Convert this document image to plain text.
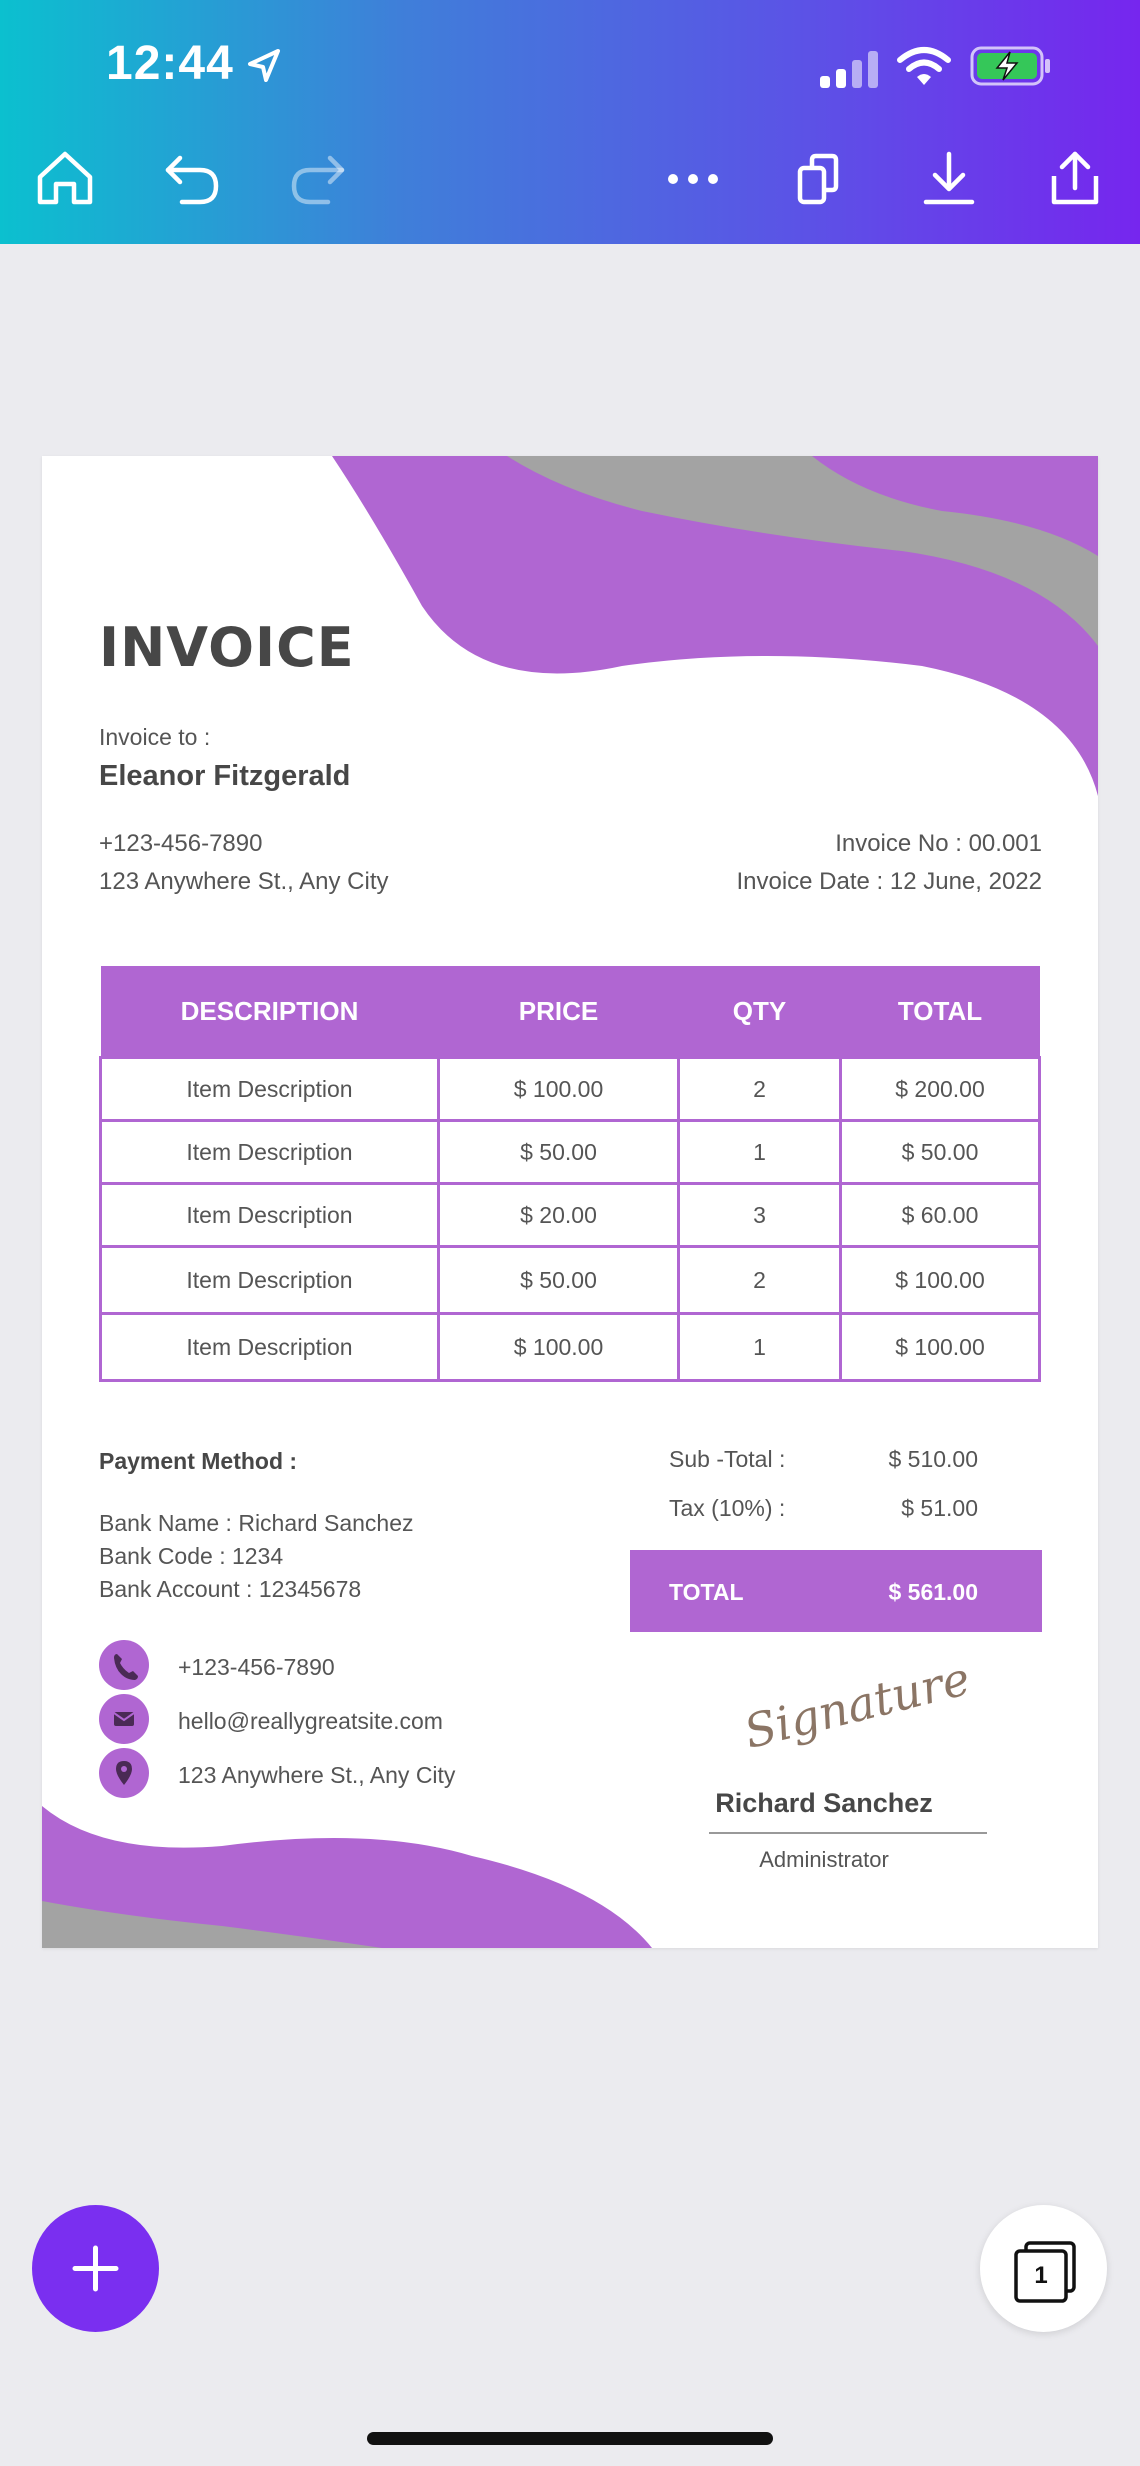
12:44
INVOICE
Invoice to :
Eleanor Fitzgerald
+123-456-7890
123 Anywhere St., Any City
Invoice No : 00.001
Invoice Date : 12 June, 2022
DESCRIPTION	PRICE	QTY	TOTAL
Item Description	$ 100.00	2	$ 200.00
Item Description	$ 50.00	1	$ 50.00
Item Description	$ 20.00	3	$ 60.00
Item Description	$ 50.00	2	$ 100.00
Item Description	$ 100.00	1	$ 100.00
Payment Method :
Bank Name : Richard Sanchez
Bank Code : 1234
Bank Account : 12345678
+123-456-7890
hello@reallygreatsite.com
123 Anywhere St., Any City
Sub -Total :	$ 510.00
Tax (10%) :	$ 51.00
TOTAL	$ 561.00
Signature
Richard Sanchez
Administrator
1
